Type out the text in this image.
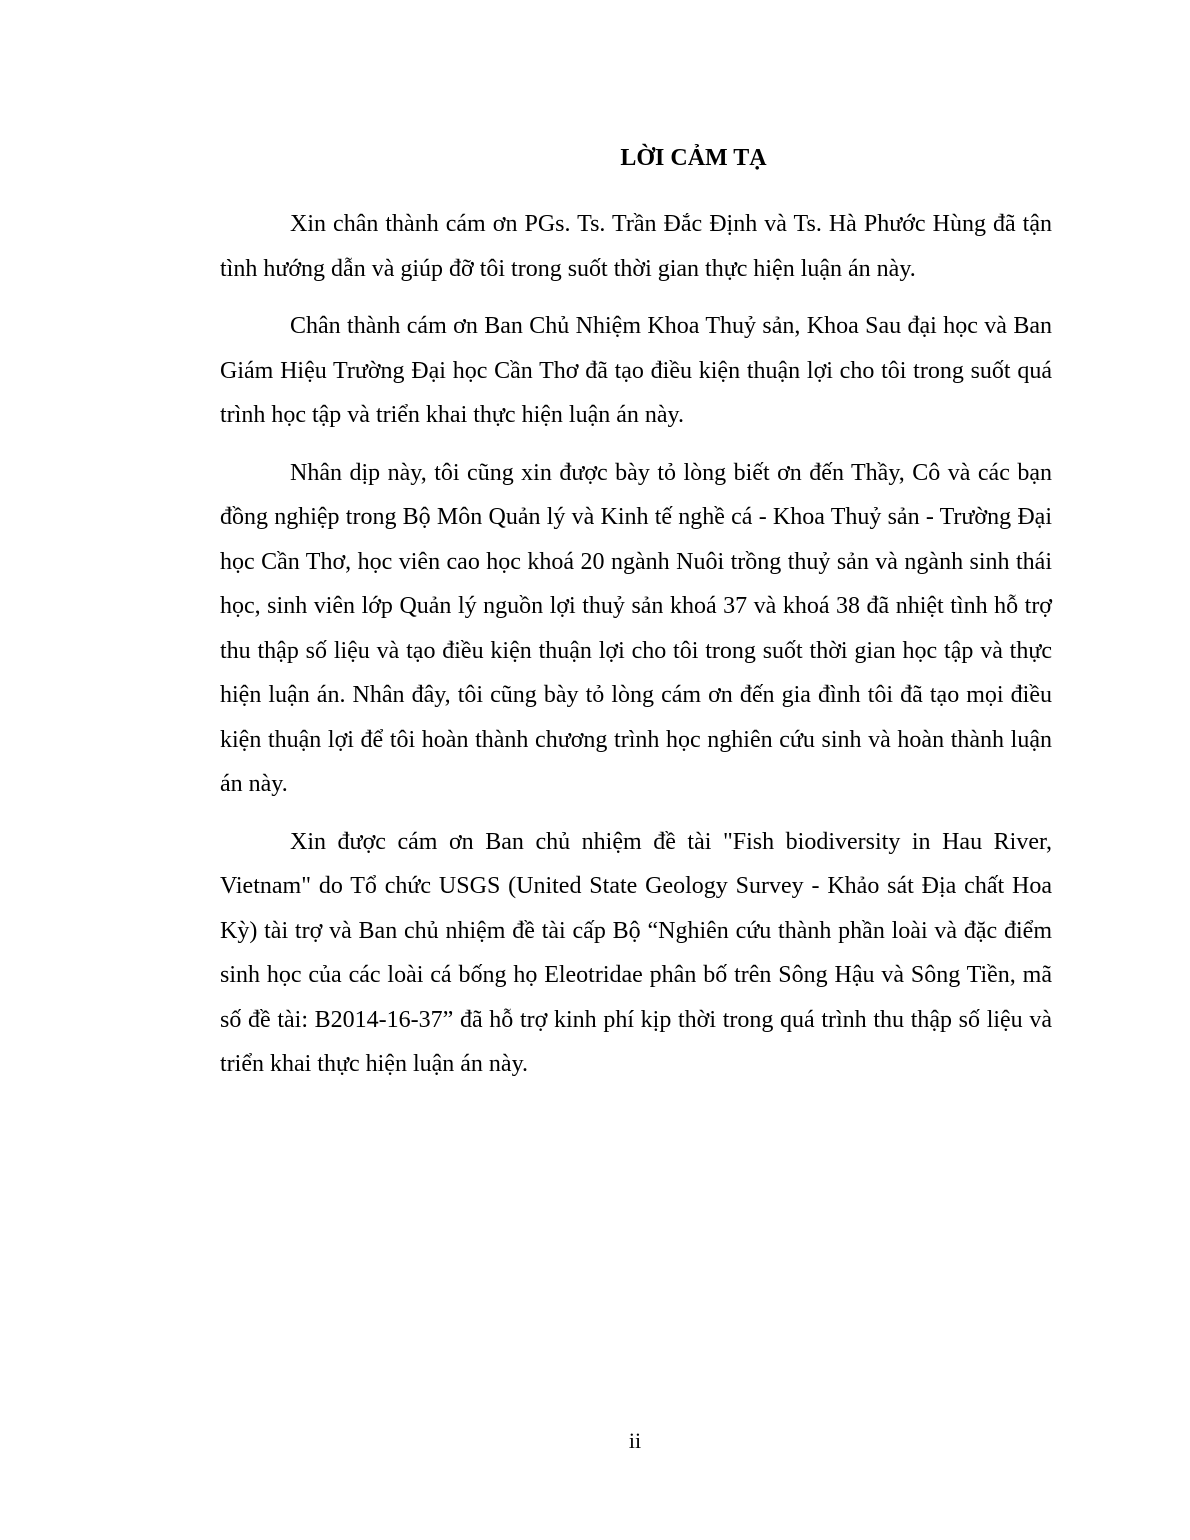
LỜI CẢM TẠ

Xin chân thành cám ơn PGs. Ts. Trần Đắc Định và Ts. Hà Phước Hùng đã tận tình hướng dẫn và giúp đỡ tôi trong suốt thời gian thực hiện luận án này.

Chân thành cám ơn Ban Chủ Nhiệm Khoa Thuỷ sản, Khoa Sau đại học và Ban Giám Hiệu Trường Đại học Cần Thơ đã tạo điều kiện thuận lợi cho tôi trong suốt quá trình học tập và triển khai thực hiện luận án này.

Nhân dịp này, tôi cũng xin được bày tỏ lòng biết ơn đến Thầy, Cô và các bạn đồng nghiệp trong Bộ Môn Quản lý và Kinh tế nghề cá - Khoa Thuỷ sản - Trường Đại học Cần Thơ, học viên cao học khoá 20 ngành Nuôi trồng thuỷ sản và ngành sinh thái học, sinh viên lớp Quản lý nguồn lợi thuỷ sản khoá 37 và khoá 38 đã nhiệt tình hỗ trợ thu thập số liệu và tạo điều kiện thuận lợi cho tôi trong suốt thời gian học tập và thực hiện luận án. Nhân đây, tôi cũng bày tỏ lòng cám ơn đến gia đình tôi đã tạo mọi điều kiện thuận lợi để tôi hoàn thành chương trình học nghiên cứu sinh và hoàn thành luận án này.

Xin được cám ơn Ban chủ nhiệm đề tài "Fish biodiversity in Hau River, Vietnam" do Tổ chức USGS (United State Geology Survey - Khảo sát Địa chất Hoa Kỳ) tài trợ và Ban chủ nhiệm đề tài cấp Bộ “Nghiên cứu thành phần loài và đặc điểm sinh học của các loài cá bống họ Eleotridae phân bố trên Sông Hậu và Sông Tiền, mã số đề tài: B2014-16-37” đã hỗ trợ kinh phí kịp thời trong quá trình thu thập số liệu và triển khai thực hiện luận án này.

ii
